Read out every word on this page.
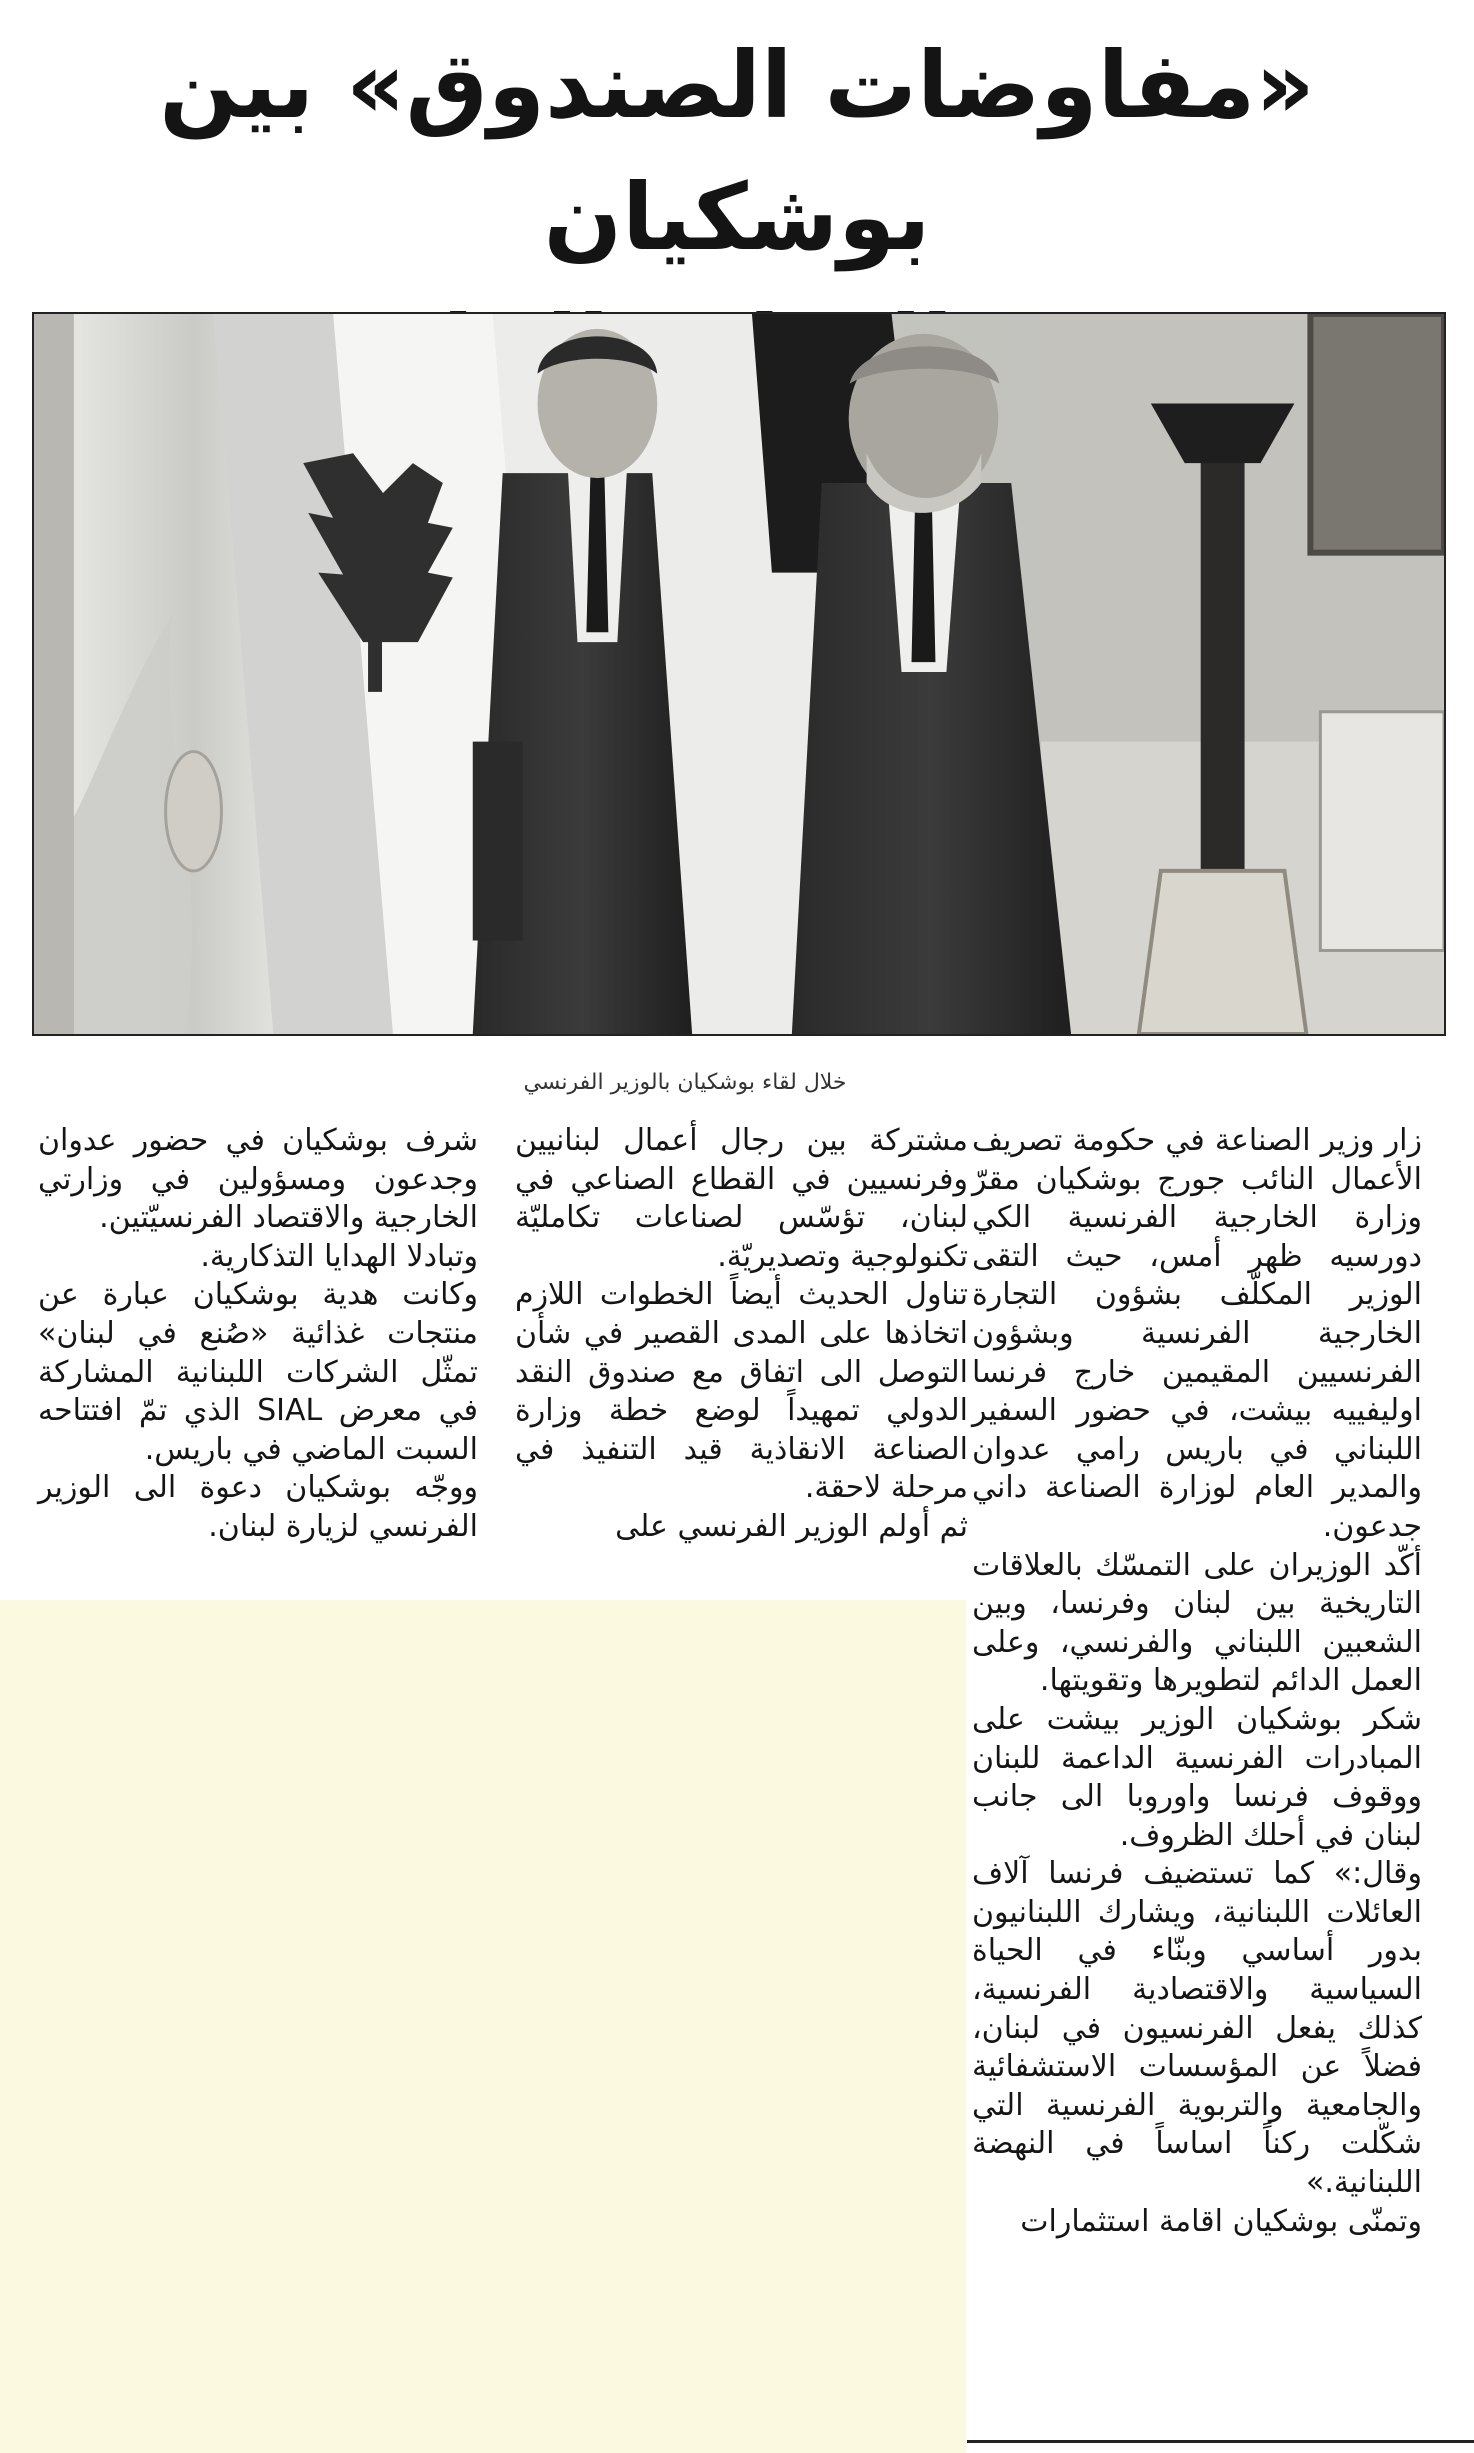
«مفاوضات الصندوق» بين بوشكيان
خلال لقاء بوشكيان بالوزير الفرنسي

زار وزير الصناعة في حكومة تصريف الأعمال النائب جورج بوشكيان مقرّ وزارة الخارجية الفرنسية الكي دورسيه ظهر أمس، حيث التقى الوزير المكلّف بشؤون التجارة الخارجية الفرنسية وبشؤون الفرنسيين المقيمين خارج فرنسا اوليفييه بيشت، في حضور السفير اللبناني في باريس رامي عدوان والمدير العام لوزارة الصناعة داني جدعون.

أكّد الوزيران على التمسّك بالعلاقات التاريخية بين لبنان وفرنسا، وبين الشعبين اللبناني والفرنسي، وعلى العمل الدائم لتطويرها وتقويتها.

شكر بوشكيان الوزير بيشت على المبادرات الفرنسية الداعمة للبنان ووقوف فرنسا واوروبا الى جانب لبنان في أحلك الظروف.

وقال:» كما تستضيف فرنسا آلاف العائلات اللبنانية، ويشارك اللبنانيون بدور أساسي وبنّاء في الحياة السياسية والاقتصادية الفرنسية، كذلك يفعل الفرنسيون في لبنان، فضلاً عن المؤسسات الاستشفائية والجامعية والتربوية الفرنسية التي شكّلت ركناً اساساً في النهضة اللبنانية.»

وتمنّى بوشكيان اقامة استثمارات

مشتركة بين رجال أعمال لبنانيين وفرنسيين في القطاع الصناعي في لبنان، تؤسّس لصناعات تكامليّة تكنولوجية وتصديريّة.

تناول الحديث أيضاً الخطوات اللازم اتخاذها على المدى القصير في شأن التوصل الى اتفاق مع صندوق النقد الدولي تمهيداً لوضع خطة وزارة الصناعة الانقاذية قيد التنفيذ في مرحلة لاحقة.

ثم أولم الوزير الفرنسي على

شرف بوشكيان في حضور عدوان وجدعون ومسؤولين في وزارتي الخارجية والاقتصاد الفرنسيّتين.

وتبادلا الهدايا التذكارية.

وكانت هدية بوشكيان عبارة عن منتجات غذائية «صُنع في لبنان» تمثّل الشركات اللبنانية المشاركة في معرض SIAL الذي تمّ افتتاحه السبت الماضي في باريس.

ووجّه بوشكيان دعوة الى الوزير الفرنسي لزيارة لبنان.
